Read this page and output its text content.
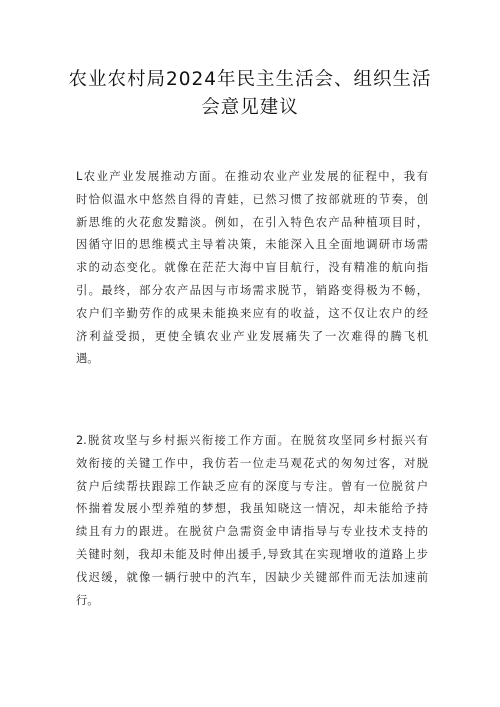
农业农村局2024年民主生活会、组织生活
会意见建议
L农业产业发展推动方面。在推动农业产业发展的征程中，我有
时恰似温水中悠然自得的青蛙，已然习惯了按部就班的节奏，创
新思维的火花愈发黯淡。例如，在引入特色农产品种植项目时，
因循守旧的思维模式主导着决策，未能深入且全面地调研市场需
求的动态变化。就像在茫茫大海中盲目航行，没有精准的航向指
引。最终，部分农产品因与市场需求脱节，销路变得极为不畅，
农户们辛勤劳作的成果未能换来应有的收益，这不仅让农户的经
济利益受损，更使全镇农业产业发展痛失了一次难得的腾飞机
遇。
2.脱贫攻坚与乡村振兴衔接工作方面。在脱贫攻坚同乡村振兴有
效衔接的关键工作中，我仿若一位走马观花式的匆匆过客，对脱
贫户后续帮扶跟踪工作缺乏应有的深度与专注。曾有一位脱贫户
怀揣着发展小型养殖的梦想，我虽知晓这一情况，却未能给予持
续且有力的跟进。在脱贫户急需资金申请指导与专业技术支持的
关键时刻，我却未能及时伸出援手,导致其在实现增收的道路上步
伐迟缓，就像一辆行驶中的汽车，因缺少关键部件而无法加速前
行。
